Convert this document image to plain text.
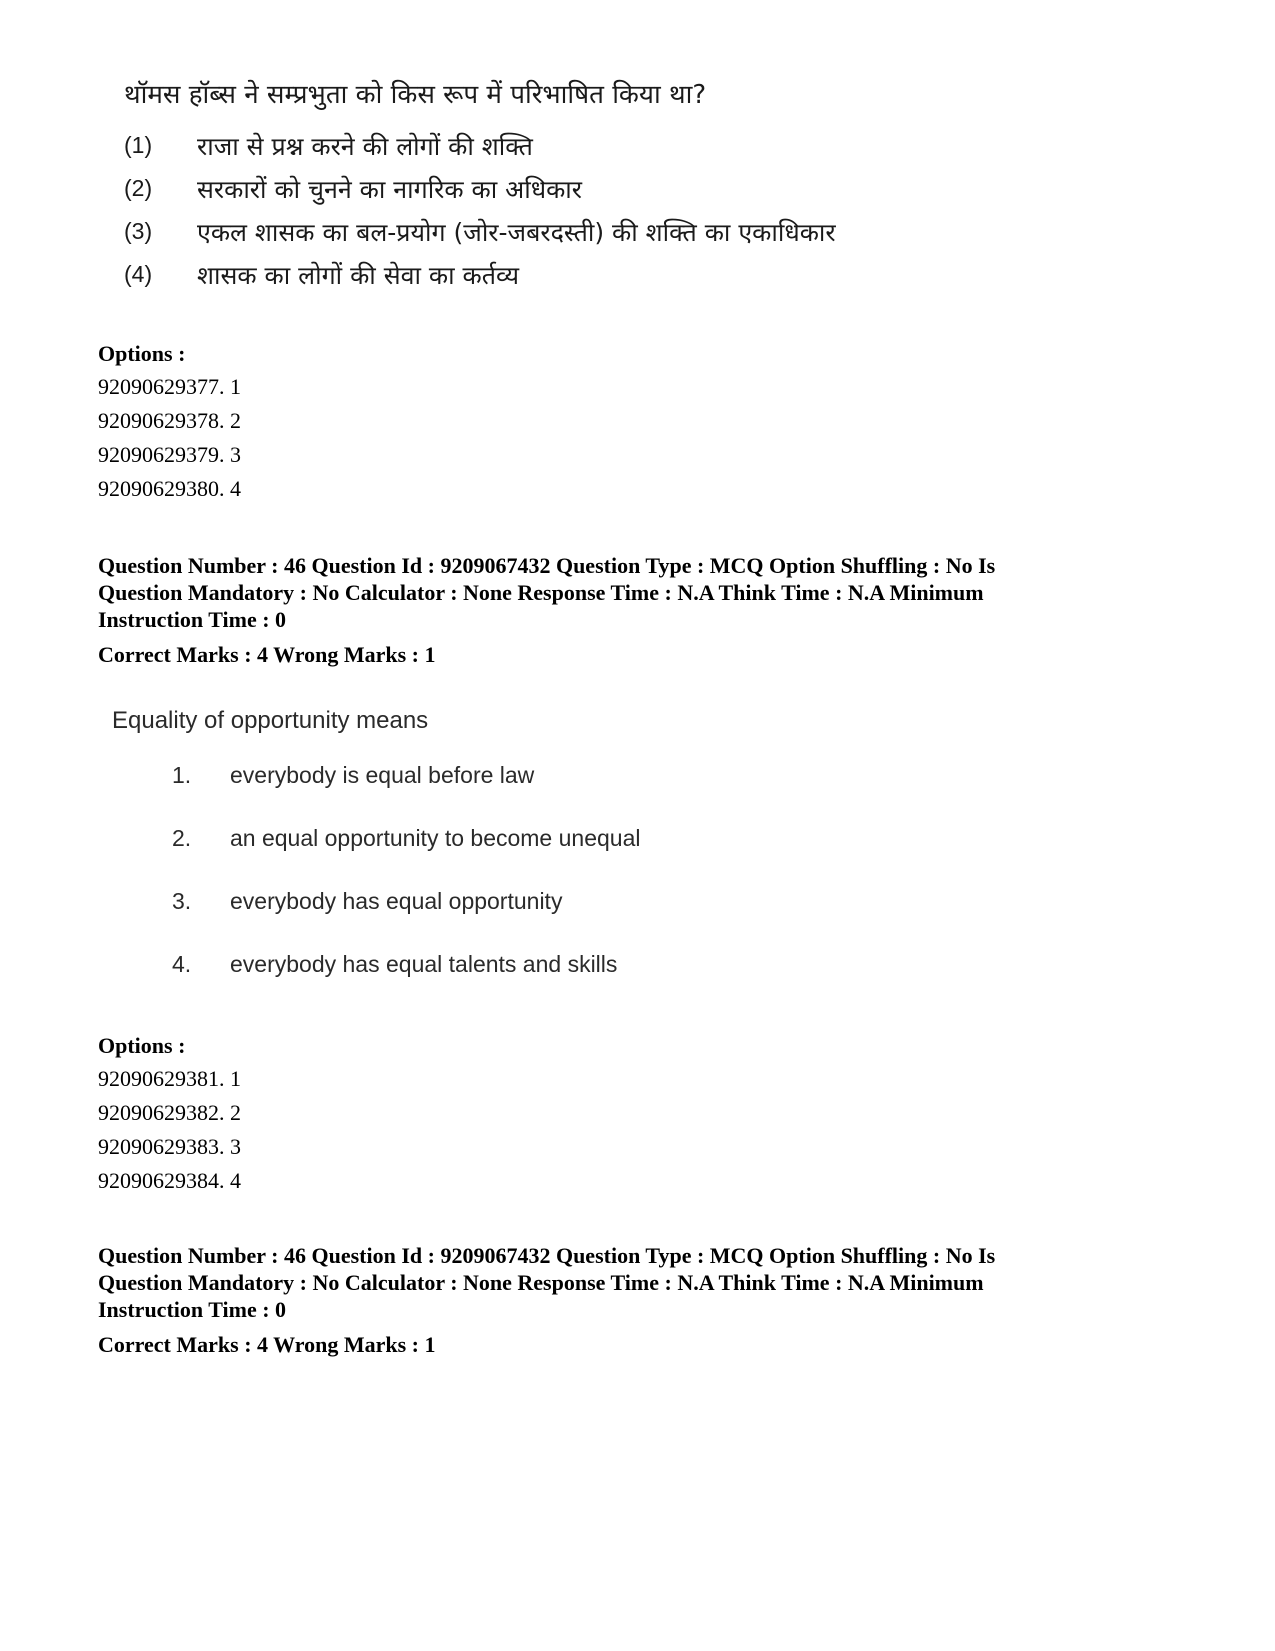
थॉमस हॉब्स ने सम्प्रभुता को किस रूप में परिभाषित किया था?
(1)	राजा से प्रश्न करने की लोगों की शक्ति
(2)	सरकारों को चुनने का नागरिक का अधिकार
(3)	एकल शासक का बल-प्रयोग (जोर-जबरदस्ती) की शक्ति का एकाधिकार
(4)	शासक का लोगों की सेवा का कर्तव्य
Options :
92090629377. 1
92090629378. 2
92090629379. 3
92090629380. 4
Question Number : 46 Question Id : 9209067432 Question Type : MCQ Option Shuffling : No Is
Question Mandatory : No Calculator : None Response Time : N.A Think Time : N.A Minimum
Instruction Time : 0
Correct Marks : 4 Wrong Marks : 1
Equality of opportunity means
1.	everybody is equal before law
2.	an equal opportunity to become unequal
3.	everybody has equal opportunity
4.	everybody has equal talents and skills
Options :
92090629381. 1
92090629382. 2
92090629383. 3
92090629384. 4
Question Number : 46 Question Id : 9209067432 Question Type : MCQ Option Shuffling : No Is
Question Mandatory : No Calculator : None Response Time : N.A Think Time : N.A Minimum
Instruction Time : 0
Correct Marks : 4 Wrong Marks : 1
